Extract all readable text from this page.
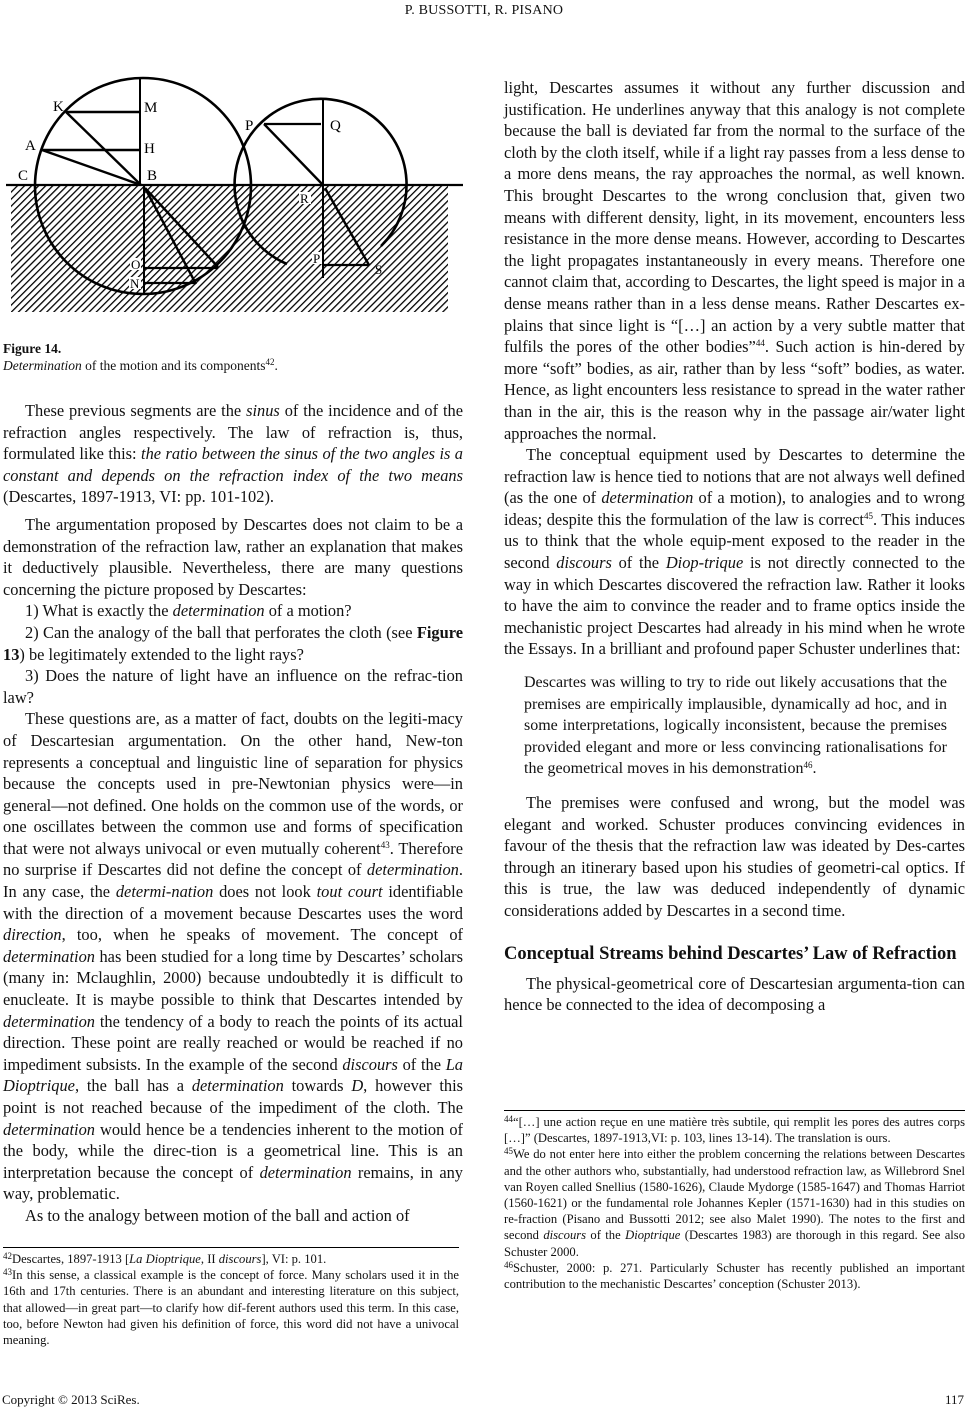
P. BUSSOTTI, R. PISANO
K	M
A	H
C	B
P	Q
R
O
N
P
S
Figure 14.
Determination of the motion and its components$^{42}$.

These previous segments are the sinus of the incidence and of the refraction angles respectively. The law of refraction is, thus, formulated like this: the ratio between the sinus of the two angles is a constant and depends on the refraction index of the two means (Descartes, 1897-1913, VI: pp. 101-102).

The argumentation proposed by Descartes does not claim to be a demonstration of the refraction law, rather an explanation that makes it deductively plausible. Nevertheless, there are many questions concerning the picture proposed by Descartes:

1) What is exactly the determination of a motion?

2) Can the analogy of the ball that perforates the cloth (see Figure 13) be legitimately extended to the light rays?

3) Does the nature of light have an influence on the refrac-tion law?

These questions are, as a matter of fact, doubts on the legiti-macy of Descartesian argumentation. On the other hand, New-ton represents a conceptual and linguistic line of separation for physics because the concepts used in pre-Newtonian physics were—in general—not defined. One holds on the common use of the words, or one oscillates between the common use and forms of specification that were not always univocal or even mutually coherent$^{43}$. Therefore no surprise if Descartes did not define the concept of determination. In any case, the determi-nation does not look tout court identifiable with the direction of a movement because Descartes uses the word direction, too, when he speaks of movement. The concept of determination has been studied for a long time by Descartes’ scholars (many in: Mclaughlin, 2000) because undoubtedly it is difficult to enucleate. It is maybe possible to think that Descartes intended by determination the tendency of a body to reach the points of its actual direction. These point are really reached or would be reached if no impediment subsists. In the example of the second discours of the La Dioptrique, the ball has a determination towards D, however this point is not reached because of the impediment of the cloth. The determination would hence be a tendencies inherent to the motion of the body, while the direc-tion is a geometrical line. This is an interpretation because the concept of determination remains, in any way, problematic.

As to the analogy between motion of the ball and action of

$^{42}$Descartes, 1897-1913 [La Dioptrique, II discours], VI: p. 101.

$^{43}$In this sense, a classical example is the concept of force. Many scholars used it in the 16th and 17th centuries. There is an abundant and interesting literature on this subject, that allowed—in great part—to clarify how dif-ferent authors used this term. In this case, too, before Newton had given his definition of force, this word did not have a univocal meaning.

light, Descartes assumes it without any further discussion and justification. He underlines anyway that this analogy is not complete because the ball is deviated far from the normal to the surface of the cloth by the cloth itself, while if a light ray passes from a less dense to a more dens means, the ray approaches the normal, as well known. This brought Descartes to the wrong conclusion that, given two means with different density, light, in its movement, encounters less resistance in the more dense means. However, according to Descartes the light propagates instantaneously in every means. Therefore one cannot claim that, according to Descartes, the light speed is major in a dense means rather than in a less dense means. Rather Descartes ex-plains that since light is “[…] an action by a very subtle matter that fulfils the pores of the other bodies”$^{44}$. Such action is hin-dered by more “soft” bodies, as air, rather than by less “soft” bodies, as water. Hence, as light encounters less resistance to spread in the water rather than in the air, this is the reason why in the passage air/water light approaches the normal.

The conceptual equipment used by Descartes to determine the refraction law is hence tied to notions that are not always well defined (as the one of determination of a motion), to analogies and to wrong ideas; despite this the formulation of the law is correct$^{45}$. This induces us to think that the whole equip-ment exposed to the reader in the second discours of the Diop-trique is not directly connected to the way in which Descartes discovered the refraction law. Rather it looks to have the aim to convince the reader and to frame optics inside the mechanistic project Descartes had already in his mind when he wrote the Essays. In a brilliant and profound paper Schuster underlines that:

Descartes was willing to try to ride out likely accusations that the premises are empirically implausible, dynamically ad hoc, and in some interpretations, logically inconsistent, because the premises provided elegant and more or less convincing rationalisations for the geometrical moves in his demonstration$^{46}$.

The premises were confused and wrong, but the model was elegant and worked. Schuster produces convincing evidences in favour of the thesis that the refraction law was ideated by Des-cartes through an itinerary based upon his studies of geometri-cal optics. If this is true, the law was deduced independently of dynamic considerations added by Descartes in a second time.

Conceptual Streams behind Descartes’ Law of Refraction

The physical-geometrical core of Descartesian argumenta-tion can hence be connected to the idea of decomposing a

$^{44}$“[…] une action reçue en une matière très subtile, qui remplit les pores des autres corps […]” (Descartes, 1897-1913,VI: p. 103, lines 13-14). The translation is ours.

$^{45}$We do not enter here into either the problem concerning the relations between Descartes and the other authors who, substantially, had understood refraction law, as Willebrord Snel van Royen called Snellius (1580-1626), Claude Mydorge (1585-1647) and Thomas Harriot (1560-1621) or the fundamental role Johannes Kepler (1571-1630) had in this studies on re-fraction (Pisano and Bussotti 2012; see also Malet 1990). The notes to the first and second discours of the Dioptrique (Descartes 1983) are thorough in this regard. See also Schuster 2000.

$^{46}$Schuster, 2000: p. 271. Particularly Schuster has recently published an important contribution to the mechanistic Descartes’ conception (Schuster 2013).

Copyright © 2013 SciRes.	117
